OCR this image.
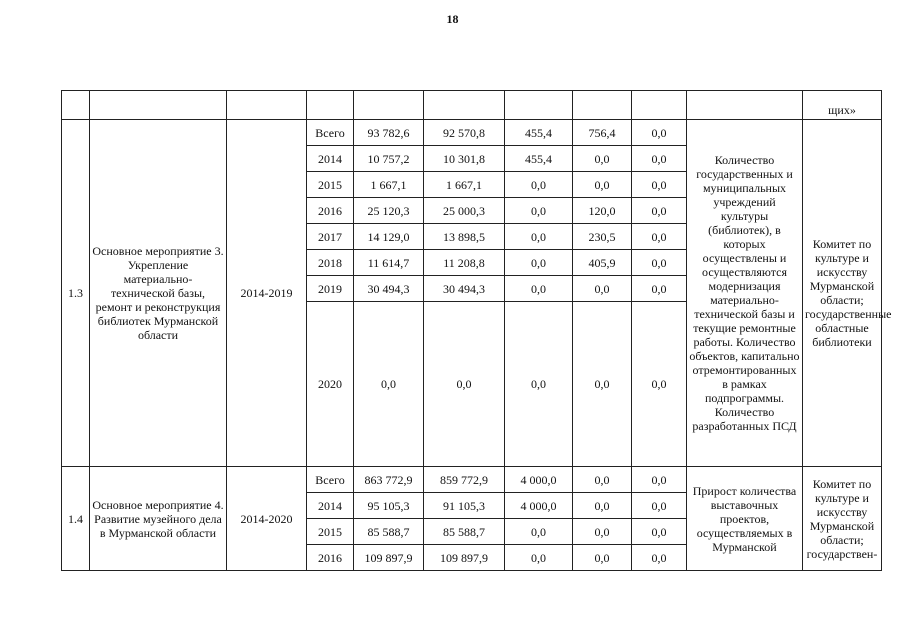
18
										щих»
1.3	Основное мероприятие 3. Укрепление материально-технической базы, ремонт и реконструкция библиотек Мурманской области	2014-2019	Всего	93 782,6	92 570,8	455,4	756,4	0,0	Количество государственных и муниципальных учреждений культуры (библиотек), в которых осуществлены и осуществляются модернизация материально-технической базы и текущие ремонтные работы. Количество объектов, капитально отремонтированных в рамках подпрограммы. Количество разработанных ПСД	Комитет по культуре и искусству Мурманской области; государственные областные библиотеки
			2014	10 757,2	10 301,8	455,4	0,0	0,0		
			2015	1 667,1	1 667,1	0,0	0,0	0,0		
			2016	25 120,3	25 000,3	0,0	120,0	0,0		
			2017	14 129,0	13 898,5	0,0	230,5	0,0		
			2018	11 614,7	11 208,8	0,0	405,9	0,0		
			2019	30 494,3	30 494,3	0,0	0,0	0,0		
			2020	0,0	0,0	0,0	0,0	0,0		
1.4	Основное мероприятие 4. Развитие музейного дела в Мурманской области	2014-2020	Всего	863 772,9	859 772,9	4 000,0	0,0	0,0	Прирост количества выставочных проектов, осуществляемых в Мурманской	Комитет по культуре и искусству Мурманской области; государствен-
			2014	95 105,3	91 105,3	4 000,0	0,0	0,0		
			2015	85 588,7	85 588,7	0,0	0,0	0,0		
			2016	109 897,9	109 897,9	0,0	0,0	0,0		
